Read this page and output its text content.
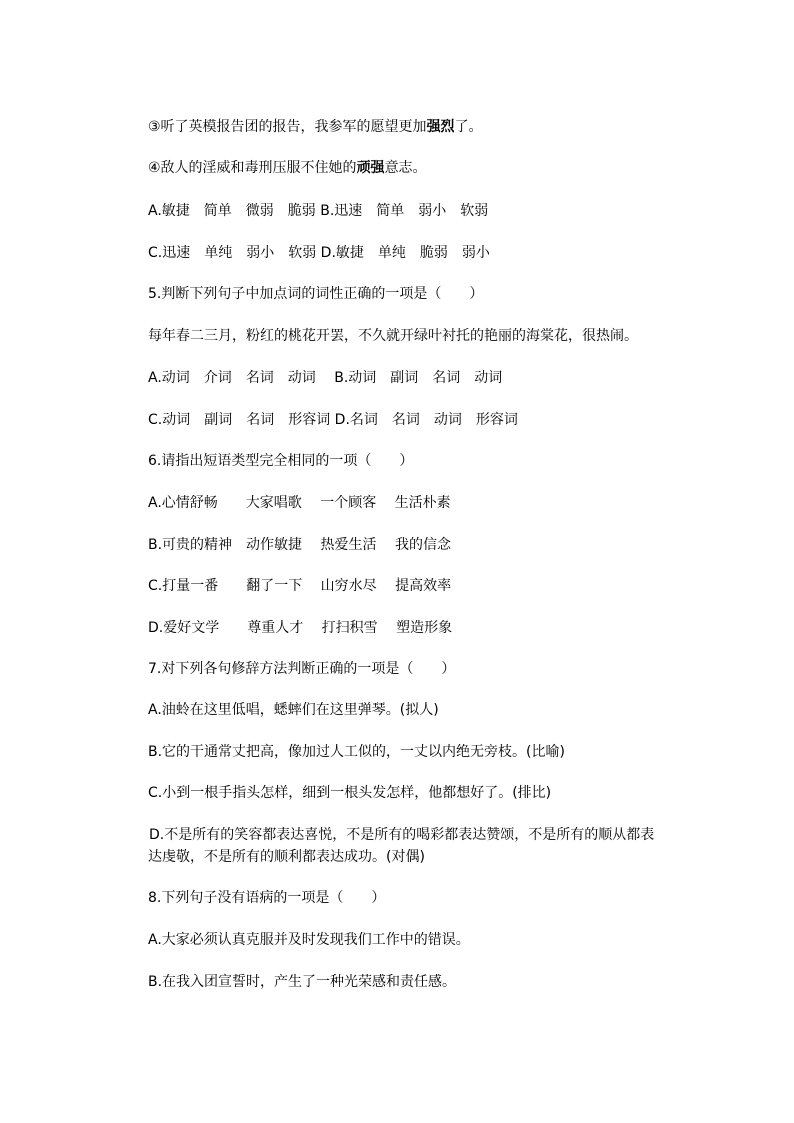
③听了英模报告团的报告，我参军的愿望更加强烈了。
④敌人的淫威和毒刑压服不住她的顽强意志。
A.敏捷　简单　微弱　脆弱 B.迅速　简单　弱小　软弱
C.迅速　单纯　弱小　软弱 D.敏捷　单纯　脆弱　弱小
5.判断下列句子中加点词的词性正确的一项是（　　）
每年春二三月，粉红的桃花开罢，不久就开绿叶衬托的艳丽的海棠花，很热闹。
A.动词　介词　名词　动词　 B.动词　副词　名词　动词
C.动词　副词　名词　形容词 D.名词　名词　动词　形容词
6.请指出短语类型完全相同的一项（　　）
A.心情舒畅　　大家唱歌　 一个顾客　 生活朴素
B.可贵的精神　动作敏捷　 热爱生活　 我的信念
C.打量一番　　翻了一下　 山穷水尽　 提高效率
D.爱好文学　　尊重人才　 打扫积雪　 塑造形象
7.对下列各句修辞方法判断正确的一项是（　　）
A.油蛉在这里低唱，蟋蟀们在这里弹琴。(拟人)
B.它的干通常丈把高，像加过人工似的，一丈以内绝无旁枝。(比喻)
C.小到一根手指头怎样，细到一根头发怎样，他都想好了。(排比)
D.不是所有的笑容都表达喜悦，不是所有的喝彩都表达赞颂，不是所有的顺从都表达虔敬，不是所有的顺利都表达成功。(对偶)
8.下列句子没有语病的一项是（　　）
A.大家必须认真克服并及时发现我们工作中的错误。
B.在我入团宣誓时，产生了一种光荣感和责任感。
